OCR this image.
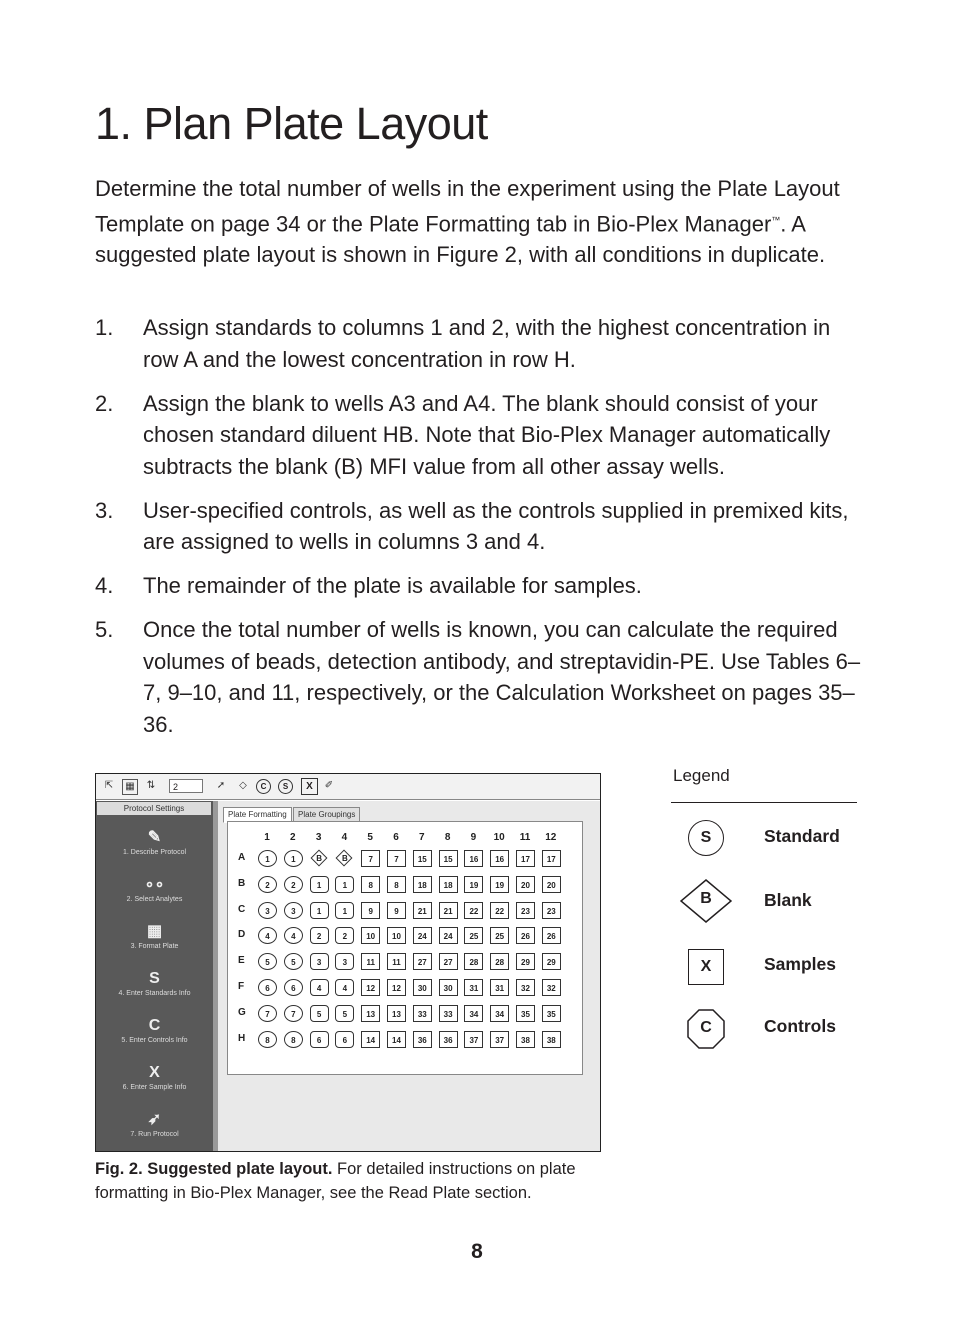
1. Plan Plate Layout

Determine the total number of wells in the experiment using the Plate Layout Template on page 34 or the Plate Formatting tab in Bio-Plex Manager™. A suggested plate layout is shown in Figure 2, with all conditions in duplicate.

1. Assign standards to columns 1 and 2, with the highest concentration in row A and the lowest concentration in row H.
2. Assign the blank to wells A3 and A4. The blank should consist of your chosen standard diluent HB. Note that Bio-Plex Manager automatically subtracts the blank (B) MFI value from all other assay wells.
3. User-specified controls, as well as the controls supplied in premixed kits, are assigned to wells in columns 3 and 4.
4. The remainder of the plate is available for samples.
5. Once the total number of wells is known, you can calculate the required volumes of beads, detection antibody, and streptavidin-PE. Use Tables 6–7, 9–10, and 11, respectively, or the Calculation Worksheet on pages 35–36.
⇱	▦	⇅	2	➚	◇	C	S	X	✐
Protocol Settings
✎
1. Describe Protocol
∘∘
2. Select Analytes
▦
3. Format Plate
S
4. Enter Standards Info
C
5. Enter Controls Info
X
6. Enter Sample Info
➶
7. Run Protocol
Plate Formatting	Plate Groupings
1	2	3	4	5	6	7	8	9	10	11	12
A	1	1	B	B	7	7	15	15	16	16	17	17
B	2	2	1	1	8	8	18	18	19	19	20	20
C	3	3	1	1	9	9	21	21	22	22	23	23
D	4	4	2	2	10	10	24	24	25	25	26	26
E	5	5	3	3	11	11	27	27	28	28	29	29
F	6	6	4	4	12	12	30	30	31	31	32	32
G	7	7	5	5	13	13	33	33	34	34	35	35
H	8	8	6	6	14	14	36	36	37	37	38	38
Legend
S	Standard
B	Blank
X	Samples
C	Controls

Fig. 2. Suggested plate layout. For detailed instructions on plate formatting in Bio-Plex Manager, see the Read Plate section.

8
